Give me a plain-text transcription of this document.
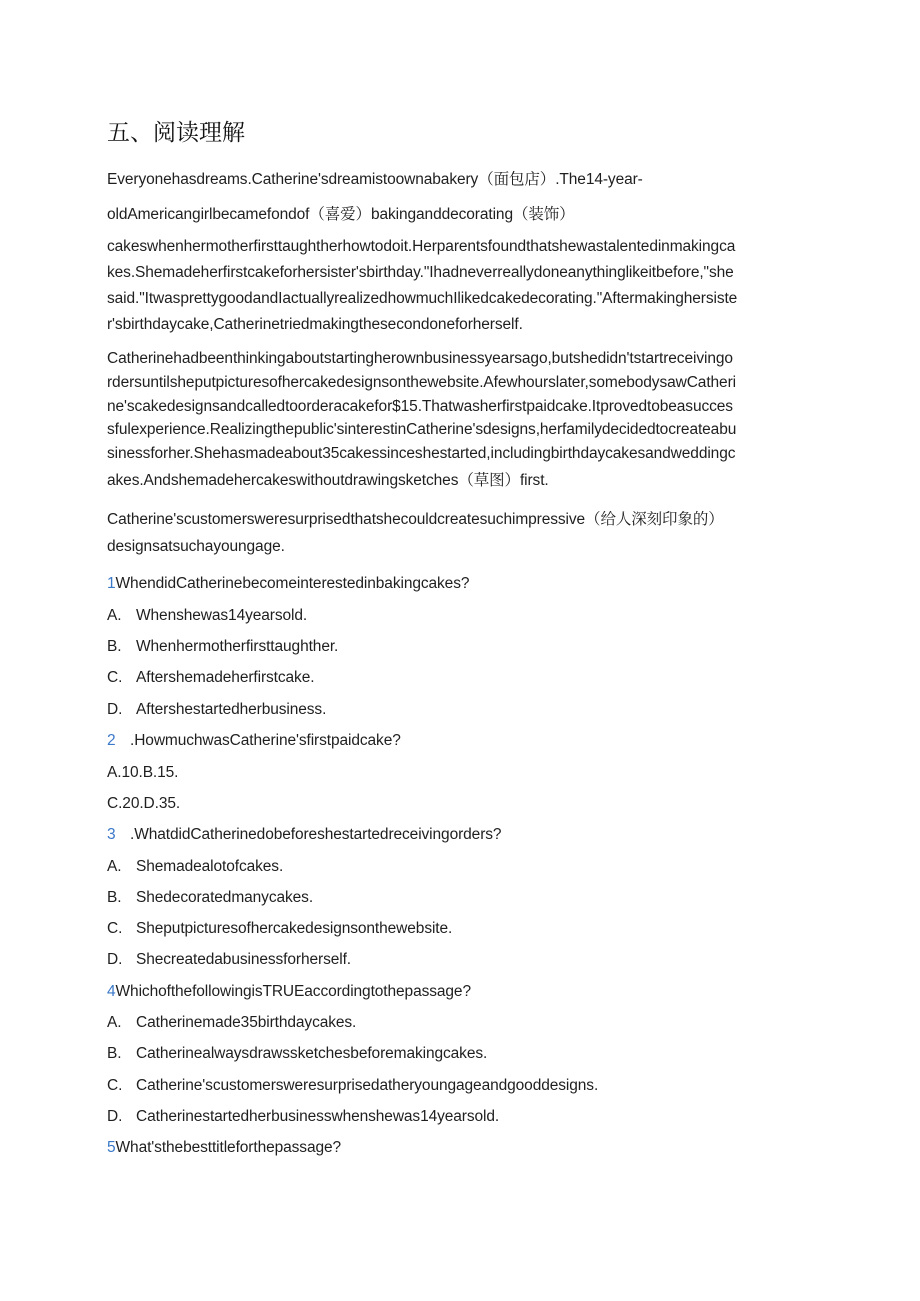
五、阅读理解
Everyonehasdreams.Catherine'sdreamistoownabakery（面包店）.The14-year-
oldAmericangirlbecamefondof（喜爱）bakinganddecorating（装饰）
cakeswhenhermotherfirsttaughtherhowtodoit.Herparentsfoundthatshewastalentedinmakingca
kes.Shemadeherfirstcakeforhersister'sbirthday."Ihadneverreallydoneanythinglikeitbefore,"she
said."ItwasprettygoodandIactuallyrealizedhowmuchIlikedcakedecorating."Aftermakinghersiste
r'sbirthdaycake,Catherinetriedmakingthesecondoneforherself.
Catherinehadbeenthinkingaboutstartingherownbusinessyearsago,butshedidn'tstartreceivingo
rdersuntilsheputpicturesofhercakedesignsonthewebsite.Afewhourslater,somebodysawCatheri
ne'scakedesignsandcalledtoorderacakefor$15.Thatwasherfirstpaidcake.Itprovedtobeasucces
sfulexperience.Realizingthepublic'sinterestinCatherine'sdesigns,herfamilydecidedtocreateabu
sinessforher.Shehasmadeabout35cakessinceshestarted,includingbirthdaycakesandweddingc
akes.Andshemadehercakeswithoutdrawingsketches（草图）first.
Catherine'scustomersweresurprisedthatshecouldcreatesuchimpressive（给人深刻印象的）
designsatsuchayoungage.
1WhendidCatherinebecomeinterestedinbakingcakes?
A. Whenshewas14yearsold.
B. Whenhermotherfirsttaughther.
C. Aftershemadeherfirstcake.
D. Aftershestartedherbusiness.
2 .HowmuchwasCatherine'sfirstpaidcake?
A.10.B.15.
C.20.D.35.
3 .WhatdidCatherinedobeforeshestartedreceivingorders?
A. Shemadealotofcakes.
B. Shedecoratedmanycakes.
C. Sheputpicturesofhercakedesignsonthewebsite.
D. Shecreatedabusinessforherself.
4WhichofthefollowingisTRUEaccordingtothepassage?
A. Catherinemade35birthdaycakes.
B. Catherinealwaysdrawssketchesbeforemakingcakes.
C. Catherine'scustomersweresurprisedatheryoungageandgooddesigns.
D. Catherinestartedherbusinesswhenshewas14yearsold.
5What'sthebesttitleforthepassage?
